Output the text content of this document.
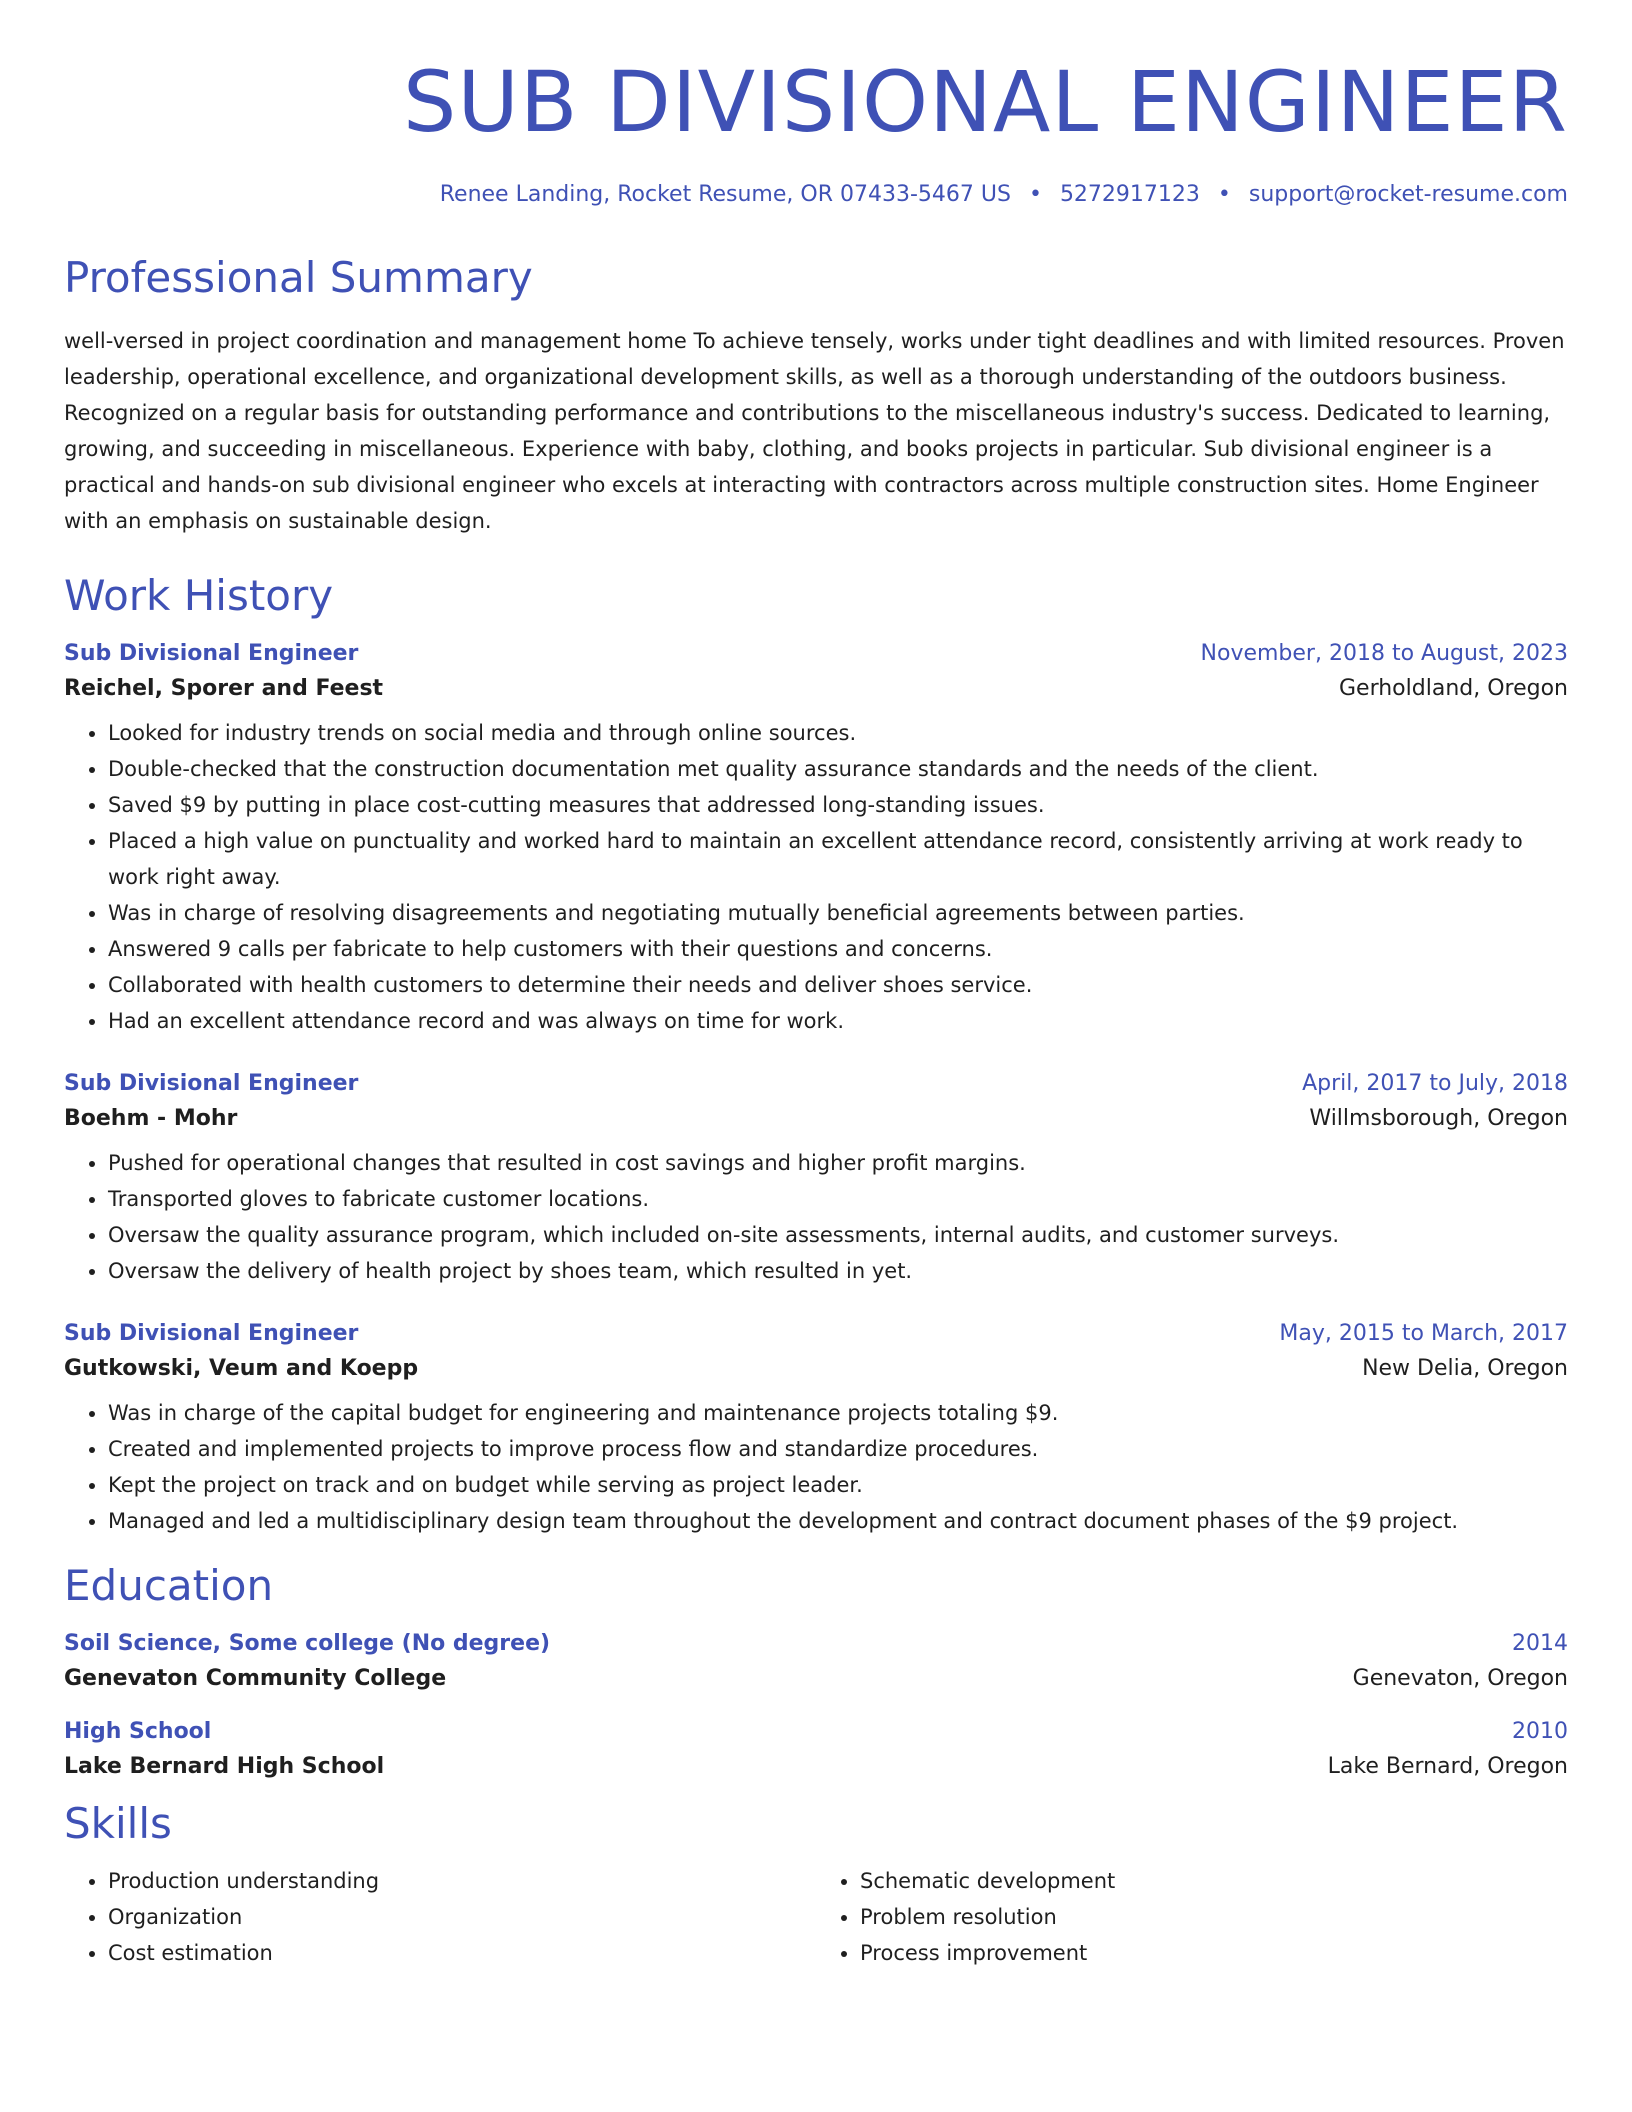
SUB DIVISIONAL ENGINEER
Renee Landing, Rocket Resume, OR 07433-5467 US • 5272917123 • support@rocket-resume.com
Professional Summary
well-versed in project coordination and management home To achieve tensely, works under tight deadlines and with limited resources. Proven leadership, operational excellence, and organizational development skills, as well as a thorough understanding of the outdoors business. Recognized on a regular basis for outstanding performance and contributions to the miscellaneous industry's success. Dedicated to learning, growing, and succeeding in miscellaneous. Experience with baby, clothing, and books projects in particular. Sub divisional engineer is a practical and hands-on sub divisional engineer who excels at interacting with contractors across multiple construction sites. Home Engineer with an emphasis on sustainable design.
Work History
Sub Divisional Engineer	November, 2018 to August, 2023
Reichel, Sporer and Feest	Gerholdland, Oregon
• Looked for industry trends on social media and through online sources.
• Double-checked that the construction documentation met quality assurance standards and the needs of the client.
• Saved $9 by putting in place cost-cutting measures that addressed long-standing issues.
• Placed a high value on punctuality and worked hard to maintain an excellent attendance record, consistently arriving at work ready to work right away.
• Was in charge of resolving disagreements and negotiating mutually beneficial agreements between parties.
• Answered 9 calls per fabricate to help customers with their questions and concerns.
• Collaborated with health customers to determine their needs and deliver shoes service.
• Had an excellent attendance record and was always on time for work.
Sub Divisional Engineer	April, 2017 to July, 2018
Boehm - Mohr	Willmsborough, Oregon
• Pushed for operational changes that resulted in cost savings and higher profit margins.
• Transported gloves to fabricate customer locations.
• Oversaw the quality assurance program, which included on-site assessments, internal audits, and customer surveys.
• Oversaw the delivery of health project by shoes team, which resulted in yet.
Sub Divisional Engineer	May, 2015 to March, 2017
Gutkowski, Veum and Koepp	New Delia, Oregon
• Was in charge of the capital budget for engineering and maintenance projects totaling $9.
• Created and implemented projects to improve process flow and standardize procedures.
• Kept the project on track and on budget while serving as project leader.
• Managed and led a multidisciplinary design team throughout the development and contract document phases of the $9 project.
Education
Soil Science, Some college (No degree)	2014
Genevaton Community College	Genevaton, Oregon
High School	2010
Lake Bernard High School	Lake Bernard, Oregon
Skills
• Production understanding
• Organization
• Cost estimation
• Schematic development
• Problem resolution
• Process improvement
